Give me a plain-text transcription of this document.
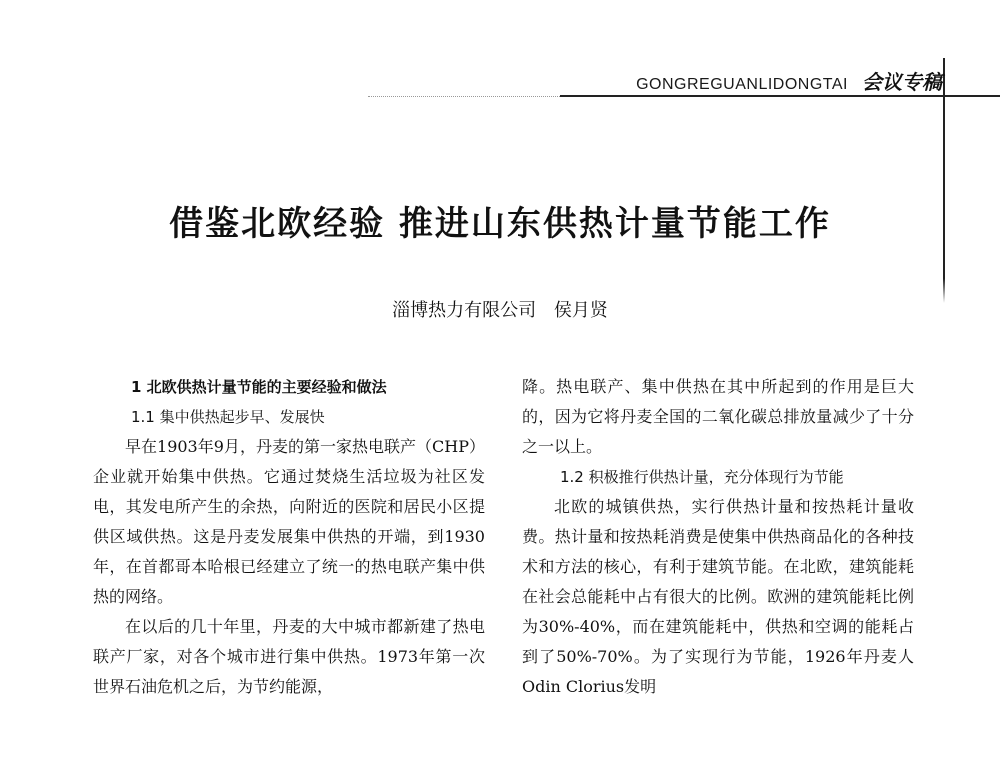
GONGREGUANLIDONGTAI 会议专稿
借鉴北欧经验 推进山东供热计量节能工作
淄博热力有限公司 侯月贤

1 北欧供热计量节能的主要经验和做法

1.1 集中供热起步早、发展快

早在1903年9月，丹麦的第一家热电联产（CHP）企业就开始集中供热。它通过焚烧生活垃圾为社区发电，其发电所产生的余热，向附近的医院和居民小区提供区域供热。这是丹麦发展集中供热的开端，到1930年，在首都哥本哈根已经建立了统一的热电联产集中供热的网络。

在以后的几十年里，丹麦的大中城市都新建了热电联产厂家，对各个城市进行集中供热。1973年第一次世界石油危机之后，为节约能源，

降。热电联产、集中供热在其中所起到的作用是巨大的，因为它将丹麦全国的二氧化碳总排放量减少了十分之一以上。

1.2 积极推行供热计量，充分体现行为节能

北欧的城镇供热，实行供热计量和按热耗计量收费。热计量和按热耗消费是使集中供热商品化的各种技术和方法的核心，有利于建筑节能。在北欧，建筑能耗在社会总能耗中占有很大的比例。欧洲的建筑能耗比例为30%-40%，而在建筑能耗中，供热和空调的能耗占到了50%-70%。为了实现行为节能，1926年丹麦人Odin Clorius发明
